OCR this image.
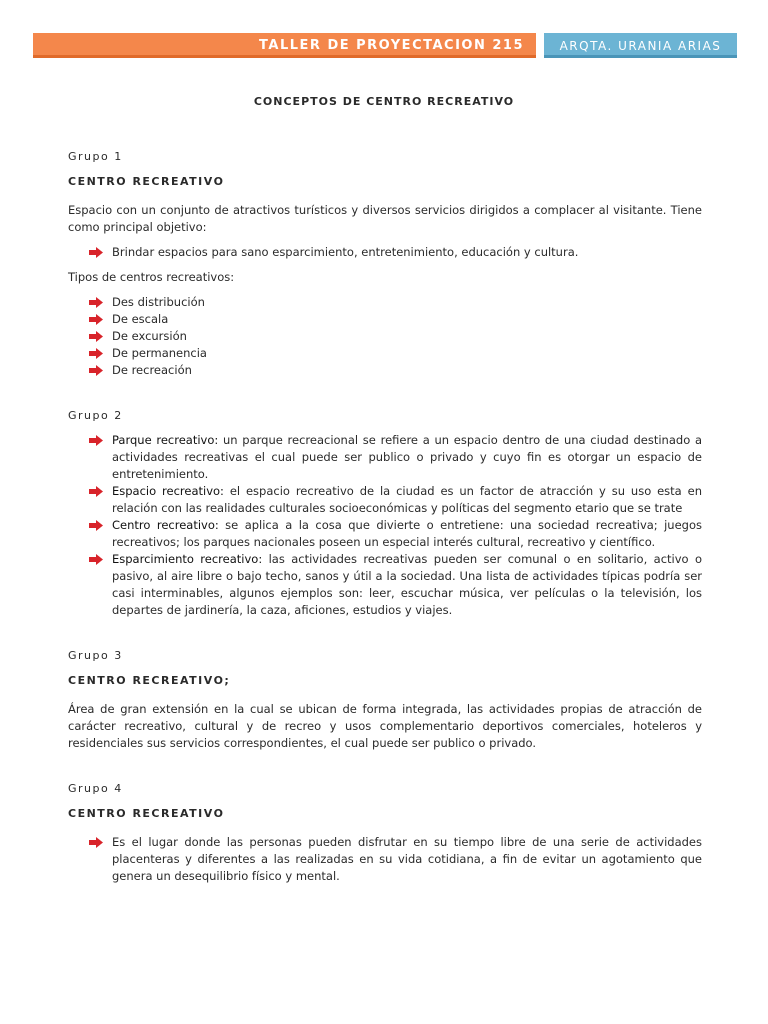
TALLER DE PROYECTACION 215	ARQTA. URANIA ARIAS
CONCEPTOS DE CENTRO RECREATIVO

Grupo 1

CENTRO RECREATIVO

Espacio con un conjunto de atractivos turísticos y diversos servicios dirigidos a complacer al visitante. Tiene como principal objetivo:

Brindar espacios para sano esparcimiento, entretenimiento, educación y cultura.

Tipos de centros recreativos:

Des distribución
De escala
De excursión
De permanencia
De recreación

Grupo 2

Parque recreativo: un parque recreacional se refiere a un espacio dentro de una ciudad destinado a actividades recreativas el cual puede ser publico o privado y cuyo fin es otorgar un espacio de entretenimiento.
Espacio recreativo: el espacio recreativo de la ciudad es un factor de atracción y su uso esta en relación con las realidades culturales socioeconómicas y políticas del segmento etario que se trate
Centro recreativo: se aplica a la cosa que divierte o entretiene: una sociedad recreativa; juegos recreativos; los parques nacionales poseen un especial interés cultural, recreativo y científico.
Esparcimiento recreativo: las actividades recreativas pueden ser comunal o en solitario, activo o pasivo, al aire libre o bajo techo, sanos y útil a la sociedad. Una lista de actividades típicas podría ser casi interminables, algunos ejemplos son: leer, escuchar música, ver películas o la televisión, los departes de jardinería, la caza, aficiones, estudios y viajes.

Grupo 3

CENTRO RECREATIVO;

Área de gran extensión en la cual se ubican de forma integrada, las actividades propias de atracción de carácter recreativo, cultural y de recreo y usos complementario deportivos comerciales, hoteleros y residenciales sus servicios correspondientes, el cual puede ser publico o privado.

Grupo 4

CENTRO RECREATIVO

Es el lugar donde las personas pueden disfrutar en su tiempo libre de una serie de actividades placenteras y diferentes a las realizadas en su vida cotidiana, a fin de evitar un agotamiento que genera un desequilibrio físico y mental.
